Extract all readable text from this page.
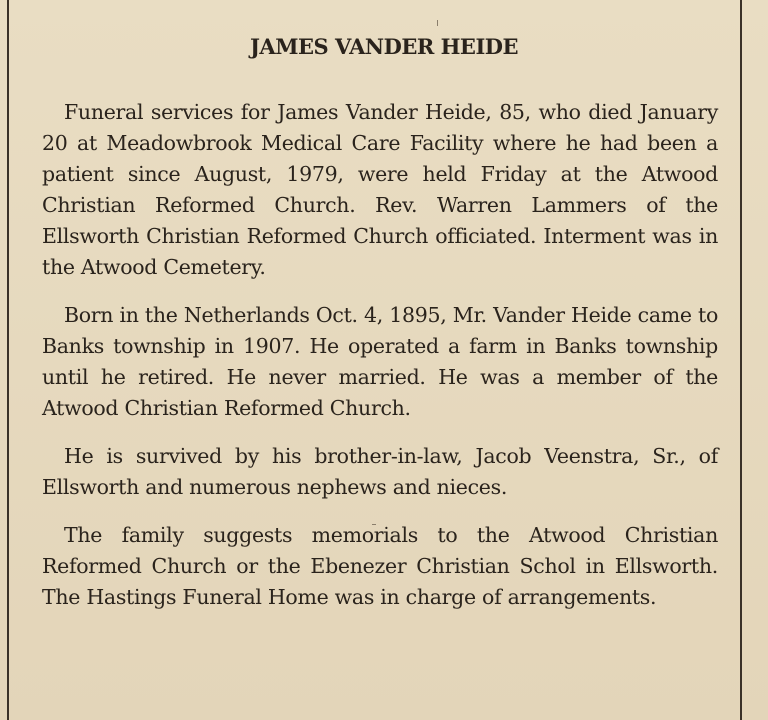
JAMES VANDER HEIDE

Funeral services for James Vander Heide, 85, who died January 20 at Meadowbrook Medical Care Facility where he had been a patient since August, 1979, were held Friday at the Atwood Christian Reformed Church. Rev. Warren Lammers of the Ellsworth Christian Reformed Church officiated. Interment was in the Atwood Cemetery.

Born in the Netherlands Oct. 4, 1895, Mr. Vander Heide came to Banks township in 1907. He operated a farm in Banks township until he retired. He never married. He was a member of the Atwood Christian Reformed Church.

He is survived by his brother-in-law, Jacob Veenstra, Sr., of Ellsworth and numerous nephews and nieces.

The family suggests memorials to the Atwood Christian Reformed Church or the Ebenezer Christian Schol in Ellsworth. The Hastings Funeral Home was in charge of arrangements.
